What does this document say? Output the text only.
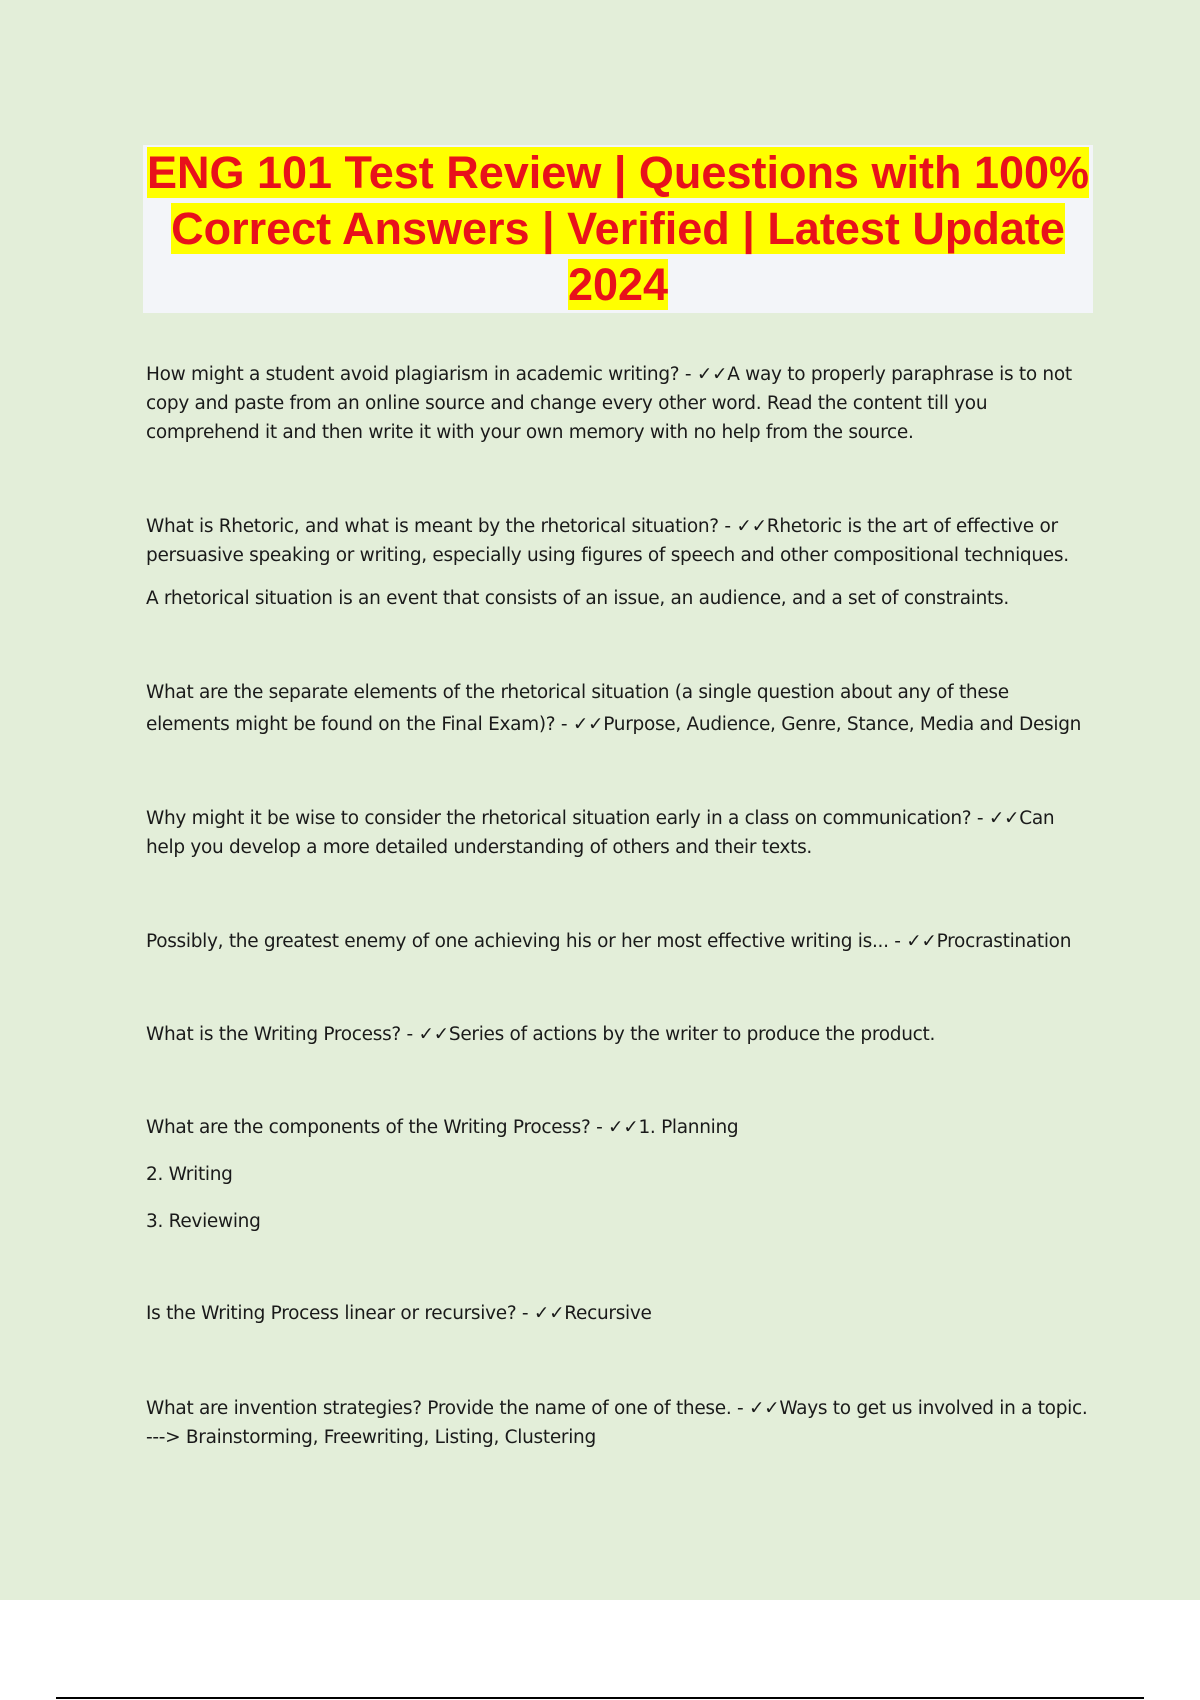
ENG 101 Test Review | Questions with 100% Correct Answers | Verified | Latest Update 2024

How might a student avoid plagiarism in academic writing? - ✓✓A way to properly paraphrase is to not copy and paste from an online source and change every other word. Read the content till you comprehend it and then write it with your own memory with no help from the source.

What is Rhetoric, and what is meant by the rhetorical situation? - ✓✓Rhetoric is the art of effective or persuasive speaking or writing, especially using figures of speech and other compositional techniques.

A rhetorical situation is an event that consists of an issue, an audience, and a set of constraints.

What are the separate elements of the rhetorical situation (a single question about any of these elements might be found on the Final Exam)? - ✓✓Purpose, Audience, Genre, Stance, Media and Design

Why might it be wise to consider the rhetorical situation early in a class on communication? - ✓✓Can help you develop a more detailed understanding of others and their texts.

Possibly, the greatest enemy of one achieving his or her most effective writing is... - ✓✓Procrastination

What is the Writing Process? - ✓✓Series of actions by the writer to produce the product.

What are the components of the Writing Process? - ✓✓1. Planning

2. Writing

3. Reviewing

Is the Writing Process linear or recursive? - ✓✓Recursive

What are invention strategies? Provide the name of one of these. - ✓✓Ways to get us involved in a topic.

---> Brainstorming, Freewriting, Listing, Clustering
